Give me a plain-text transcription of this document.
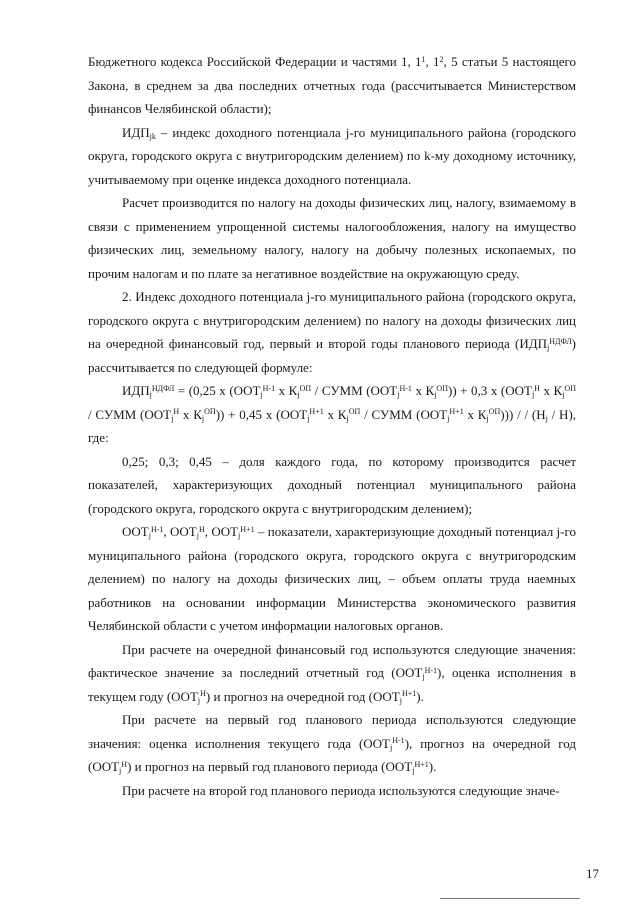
Бюджетного кодекса Российской Федерации и частями 1, $1^1$, $1^2$, 5 статьи 5 настоящего Закона, в среднем за два последних отчетных года (рассчитывается Министерством финансов Челябинской области);

$ИДП_{jk}$ – индекс доходного потенциала j-го муниципального района (городского округа, городского округа с внутригородским делением) по k-му доходному источнику, учитываемому при оценке индекса доходного потенциала.

Расчет производится по налогу на доходы физических лиц, налогу, взимаемому в связи с применением упрощенной системы налогообложения, налогу на имущество физических лиц, земельному налогу, налогу на добычу полезных ископаемых, по прочим налогам и по плате за негативное воздействие на окружающую среду.

2. Индекс доходного потенциала j-го муниципального района (городского округа, городского округа с внутригородским делением) по налогу на доходы физических лиц на очередной финансовый год, первый и второй годы планового периода $(ИДП_j^{НДФЛ})$ рассчитывается по следующей формуле:

$ИДП_j^{НДФЛ} = (0,25$ x ($ООТ_j^{Н-1}$ x $К_j^{ОП}$ / СУММ ($ООТ_j^{Н-1}$ x $К_j^{ОП})) + 0,3$ x ($ООТ_j^Н$ x $К_j^{ОП}$ / СУММ ($ООТ_j^Н$ x $К_j^{ОП})) + 0,45$ x ($ООТ_j^{Н+1}$ x $К_j^{ОП}$ / СУММ ($ООТ_j^{Н+1}$ x $К_j^{ОП}$))) / / $(Н_j / Н)$, где:

0,25; 0,3; 0,45 – доля каждого года, по которому производится расчет показателей, характеризующих доходный потенциал муниципального района (городского округа, городского округа с внутригородским делением);

$ООТ_j^{Н-1}$, $ООТ_j^Н$, $ООТ_j^{Н+1}$ – показатели, характеризующие доходный потенциал j-го муниципального района (городского округа, городского округа с внутригородским делением) по налогу на доходы физических лиц, – объем оплаты труда наемных работников на основании информации Министерства экономического развития Челябинской области с учетом информации налоговых органов.

При расчете на очередной финансовый год используются следующие значения: фактическое значение за последний отчетный год $(ООТ_j^{Н-1})$, оценка исполнения в текущем году $(ООТ_j^Н)$ и прогноз на очередной год $(ООТ_j^{Н+1})$.

При расчете на первый год планового периода используются следующие значения: оценка исполнения текущего года $(ООТ_j^{Н-1})$, прогноз на очередной год $(ООТ_j^Н)$ и прогноз на первый год планового периода $(ООТ_j^{Н+1})$.

При расчете на второй год планового периода используются следующие значе-

17
